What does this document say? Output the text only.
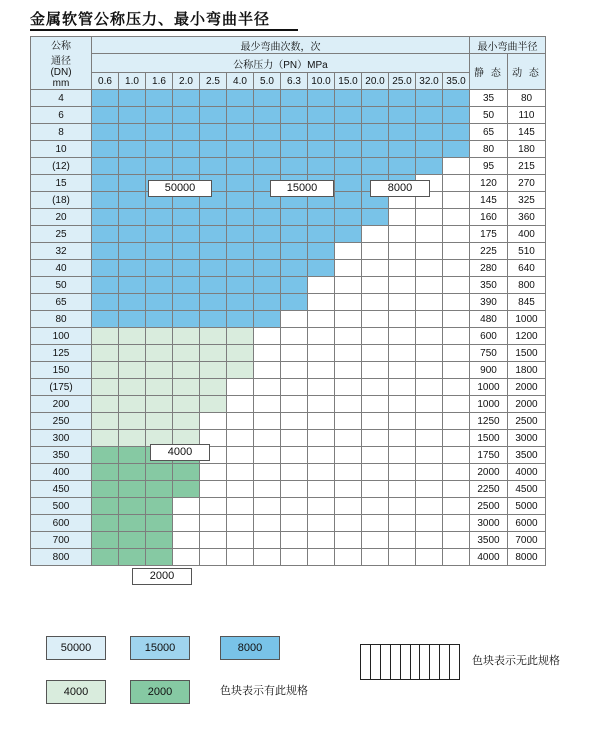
金属软管公称压力、最小弯曲半径
公称
通径
(DN)
mm	最少弯曲次数，次														最小弯曲半径	
	公称压力（PN）MPa														静 态	动 态
	0.6	1.0	1.6	2.0	2.5	4.0	5.0	6.3	10.0	15.0	20.0	25.0	32.0	35.0		
4															35	80
6															50	110
8															65	145
10															80	180
(12)															95	215
15															120	270
(18)															145	325
20															160	360
25															175	400
32															225	510
40															280	640
50															350	800
65															390	845
80															480	1000
100															600	1200
125															750	1500
150															900	1800
(175)															1000	2000
200															1000	2000
250															1250	2500
300															1500	3000
350															1750	3500
400															2000	4000
450															2250	4500
500															2500	5000
600															3000	6000
700															3500	7000
800															4000	8000
50000	15000	8000
4000
2000
50000	15000	8000
4000	2000	色块表示有此规格
色块表示无此规格
